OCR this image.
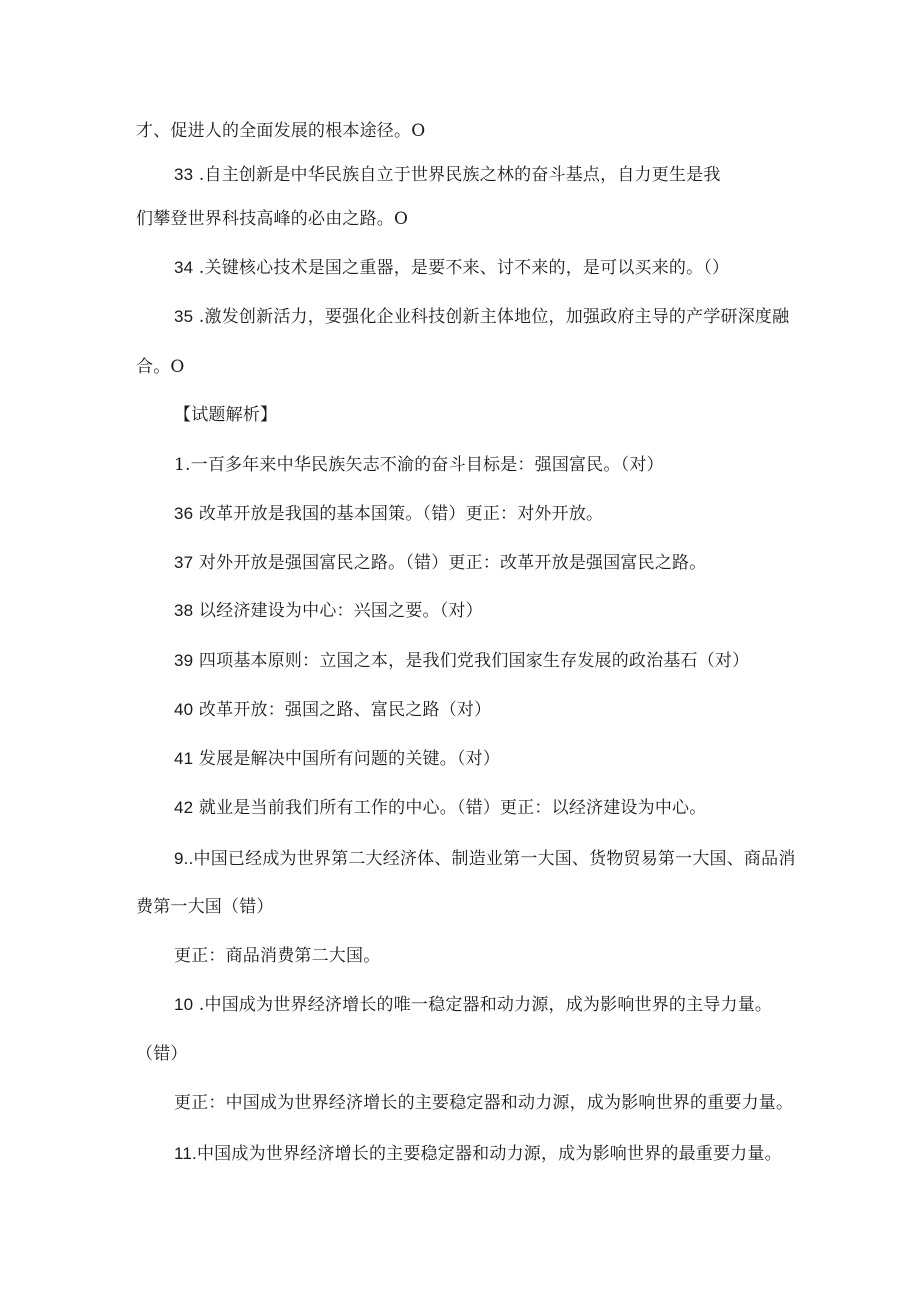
才、促进人的全面发展的根本途径。O
33 .自主创新是中华民族自立于世界民族之林的奋斗基点，自力更生是我
们攀登世界科技高峰的必由之路。O
34 .关键核心技术是国之重器，是要不来、讨不来的，是可以买来的。（）
35 .激发创新活力，要强化企业科技创新主体地位，加强政府主导的产学研深度融
合。O
【试题解析】
1.一百多年来中华民族矢志不渝的奋斗目标是：强国富民。（对）
36 改革开放是我国的基本国策。（错）更正：对外开放。
37 对外开放是强国富民之路。（错）更正：改革开放是强国富民之路。
38 以经济建设为中心：兴国之要。（对）
39 四项基本原则：立国之本，是我们党我们国家生存发展的政治基石（对）
40 改革开放：强国之路、富民之路（对）
41 发展是解决中国所有问题的关键。（对）
42 就业是当前我们所有工作的中心。（错）更正：以经济建设为中心。
9..中国已经成为世界第二大经济体、制造业第一大国、货物贸易第一大国、商品消
费第一大国（错）
更正：商品消费第二大国。
10 .中国成为世界经济增长的唯一稳定器和动力源，成为影响世界的主导力量。
（错）
更正：中国成为世界经济增长的主要稳定器和动力源，成为影响世界的重要力量。
11.中国成为世界经济增长的主要稳定器和动力源，成为影响世界的最重要力量。
